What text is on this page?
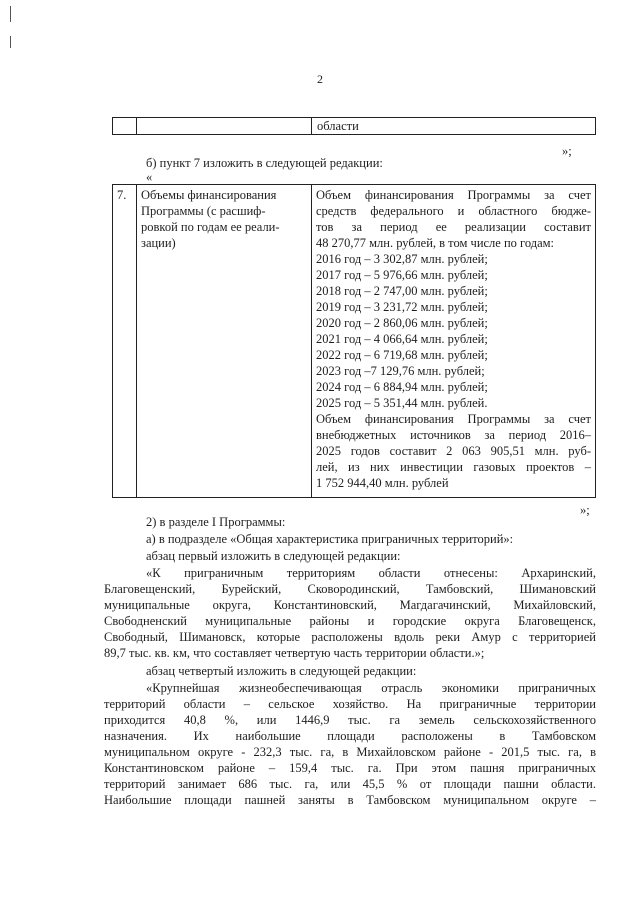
2
области
»;
б) пункт 7 изложить в следующей редакции:
«
7. Объемы финансирования
Программы (с расшиф-
ровкой по годам ее реали-
зации)
Объем финансирования Программы за счет
средств федерального и областного бюдже-
тов за период ее реализации составит
48 270,77 млн. рублей, в том числе по годам:
2016 год – 3 302,87 млн. рублей;
2017 год – 5 976,66 млн. рублей;
2018 год – 2 747,00 млн. рублей;
2019 год – 3 231,72 млн. рублей;
2020 год – 2 860,06 млн. рублей;
2021 год – 4 066,64 млн. рублей;
2022 год – 6 719,68 млн. рублей;
2023 год –7 129,76 млн. рублей;
2024 год – 6 884,94 млн. рублей;
2025 год – 5 351,44 млн. рублей.
Объем финансирования Программы за счет
внебюджетных источников за период 2016–
2025 годов составит 2 063 905,51 млн. руб-
лей, из них инвестиции газовых проектов –
1 752 944,40 млн. рублей
»;
2) в разделе I Программы:
а) в подразделе «Общая характеристика приграничных территорий»:
абзац первый изложить в следующей редакции:
«К приграничным территориям области отнесены: Архаринский,
Благовещенский, Бурейский, Сковородинский, Тамбовский, Шимановский
муниципальные округа, Константиновский, Магдагачинский, Михайловский,
Свободненский муниципальные районы и городские округа Благовещенск,
Свободный, Шимановск, которые расположены вдоль реки Амур с территорией
89,7 тыс. кв. км, что составляет четвертую часть территории области.»;
абзац четвертый изложить в следующей редакции:
«Крупнейшая жизнеобеспечивающая отрасль экономики приграничных
территорий области – сельское хозяйство. На приграничные территории
приходится 40,8 %, или 1446,9 тыс. га земель сельскохозяйственного
назначения. Их наибольшие площади расположены в Тамбовском
муниципальном округе - 232,3 тыс. га, в Михайловском районе - 201,5 тыс. га, в
Константиновском районе – 159,4 тыс. га. При этом пашня приграничных
территорий занимает 686 тыс. га, или 45,5 % от площади пашни области.
Наибольшие площади пашней заняты в Тамбовском муниципальном округе –
